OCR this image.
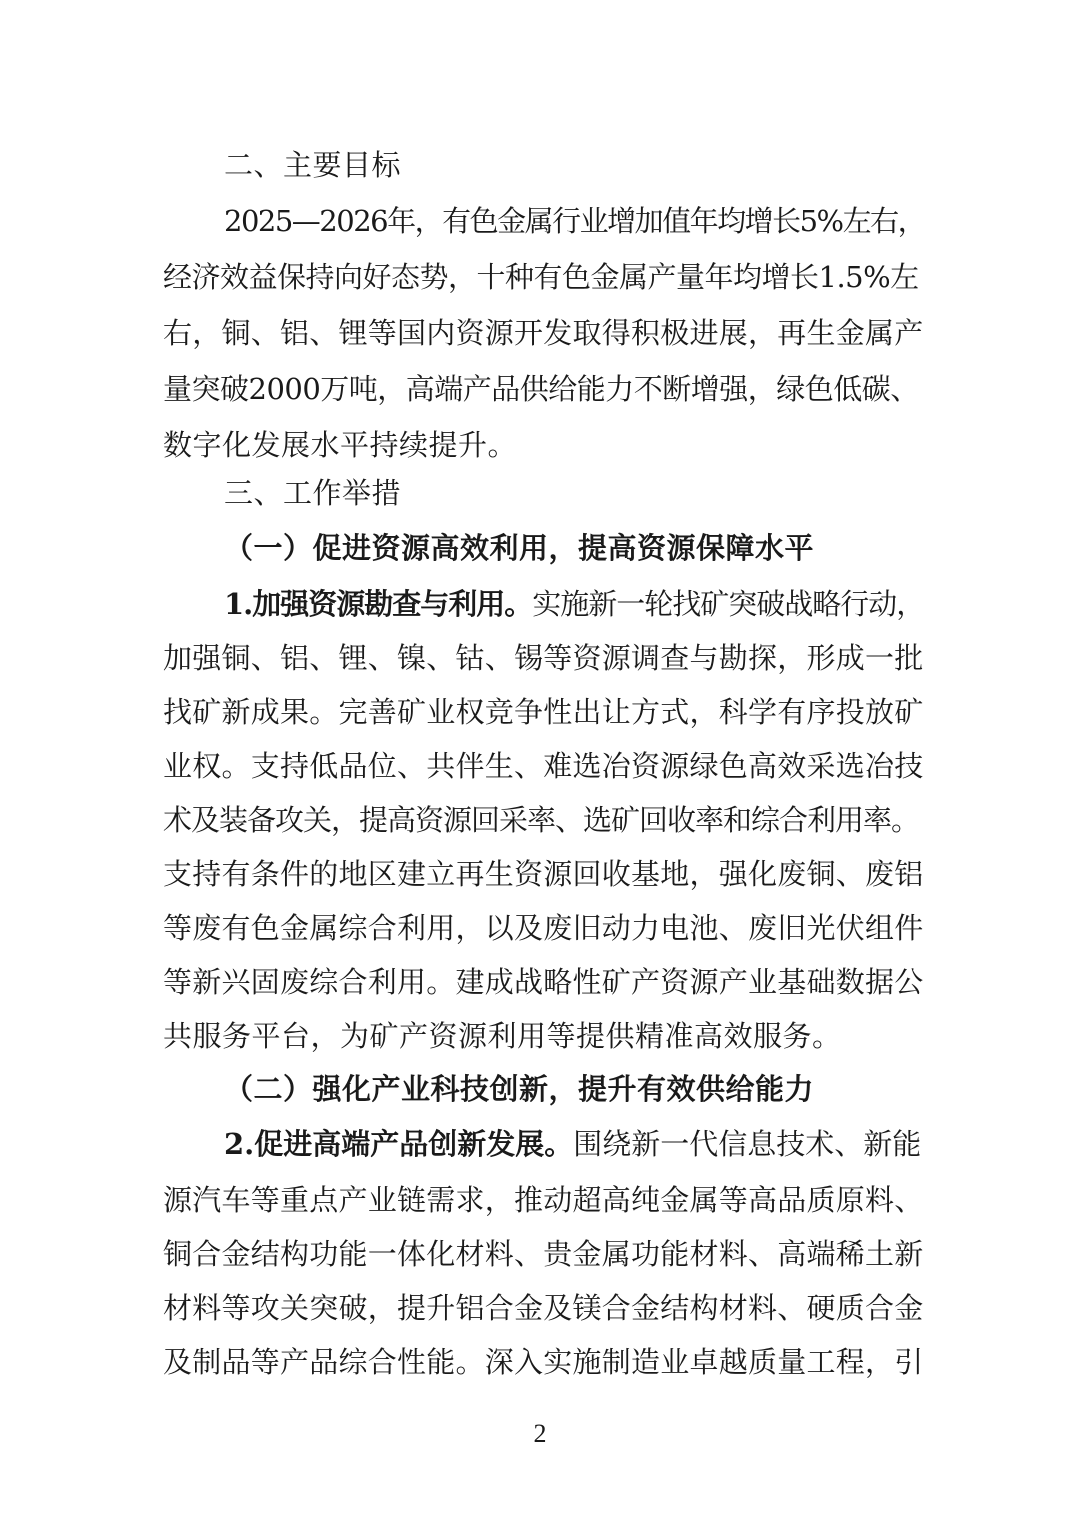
二、主要目标
2025—2026年，有色金属行业增加值年均增长5%左右，
经济效益保持向好态势，十种有色金属产量年均增长1.5%左
右，铜、铝、锂等国内资源开发取得积极进展，再生金属产
量突破2000万吨，高端产品供给能力不断增强，绿色低碳、
数字化发展水平持续提升。
三、工作举措
（一）促进资源高效利用，提高资源保障水平
1.加强资源勘查与利用。实施新一轮找矿突破战略行动，
加强铜、铝、锂、镍、钴、锡等资源调查与勘探，形成一批
找矿新成果。完善矿业权竞争性出让方式，科学有序投放矿
业权。支持低品位、共伴生、难选冶资源绿色高效采选冶技
术及装备攻关，提高资源回采率、选矿回收率和综合利用率。
支持有条件的地区建立再生资源回收基地，强化废铜、废铝
等废有色金属综合利用，以及废旧动力电池、废旧光伏组件
等新兴固废综合利用。建成战略性矿产资源产业基础数据公
共服务平台，为矿产资源利用等提供精准高效服务。
（二）强化产业科技创新，提升有效供给能力
2.促进高端产品创新发展。围绕新一代信息技术、新能
源汽车等重点产业链需求，推动超高纯金属等高品质原料、
铜合金结构功能一体化材料、贵金属功能材料、高端稀土新
材料等攻关突破，提升铝合金及镁合金结构材料、硬质合金
及制品等产品综合性能。深入实施制造业卓越质量工程，引
2
